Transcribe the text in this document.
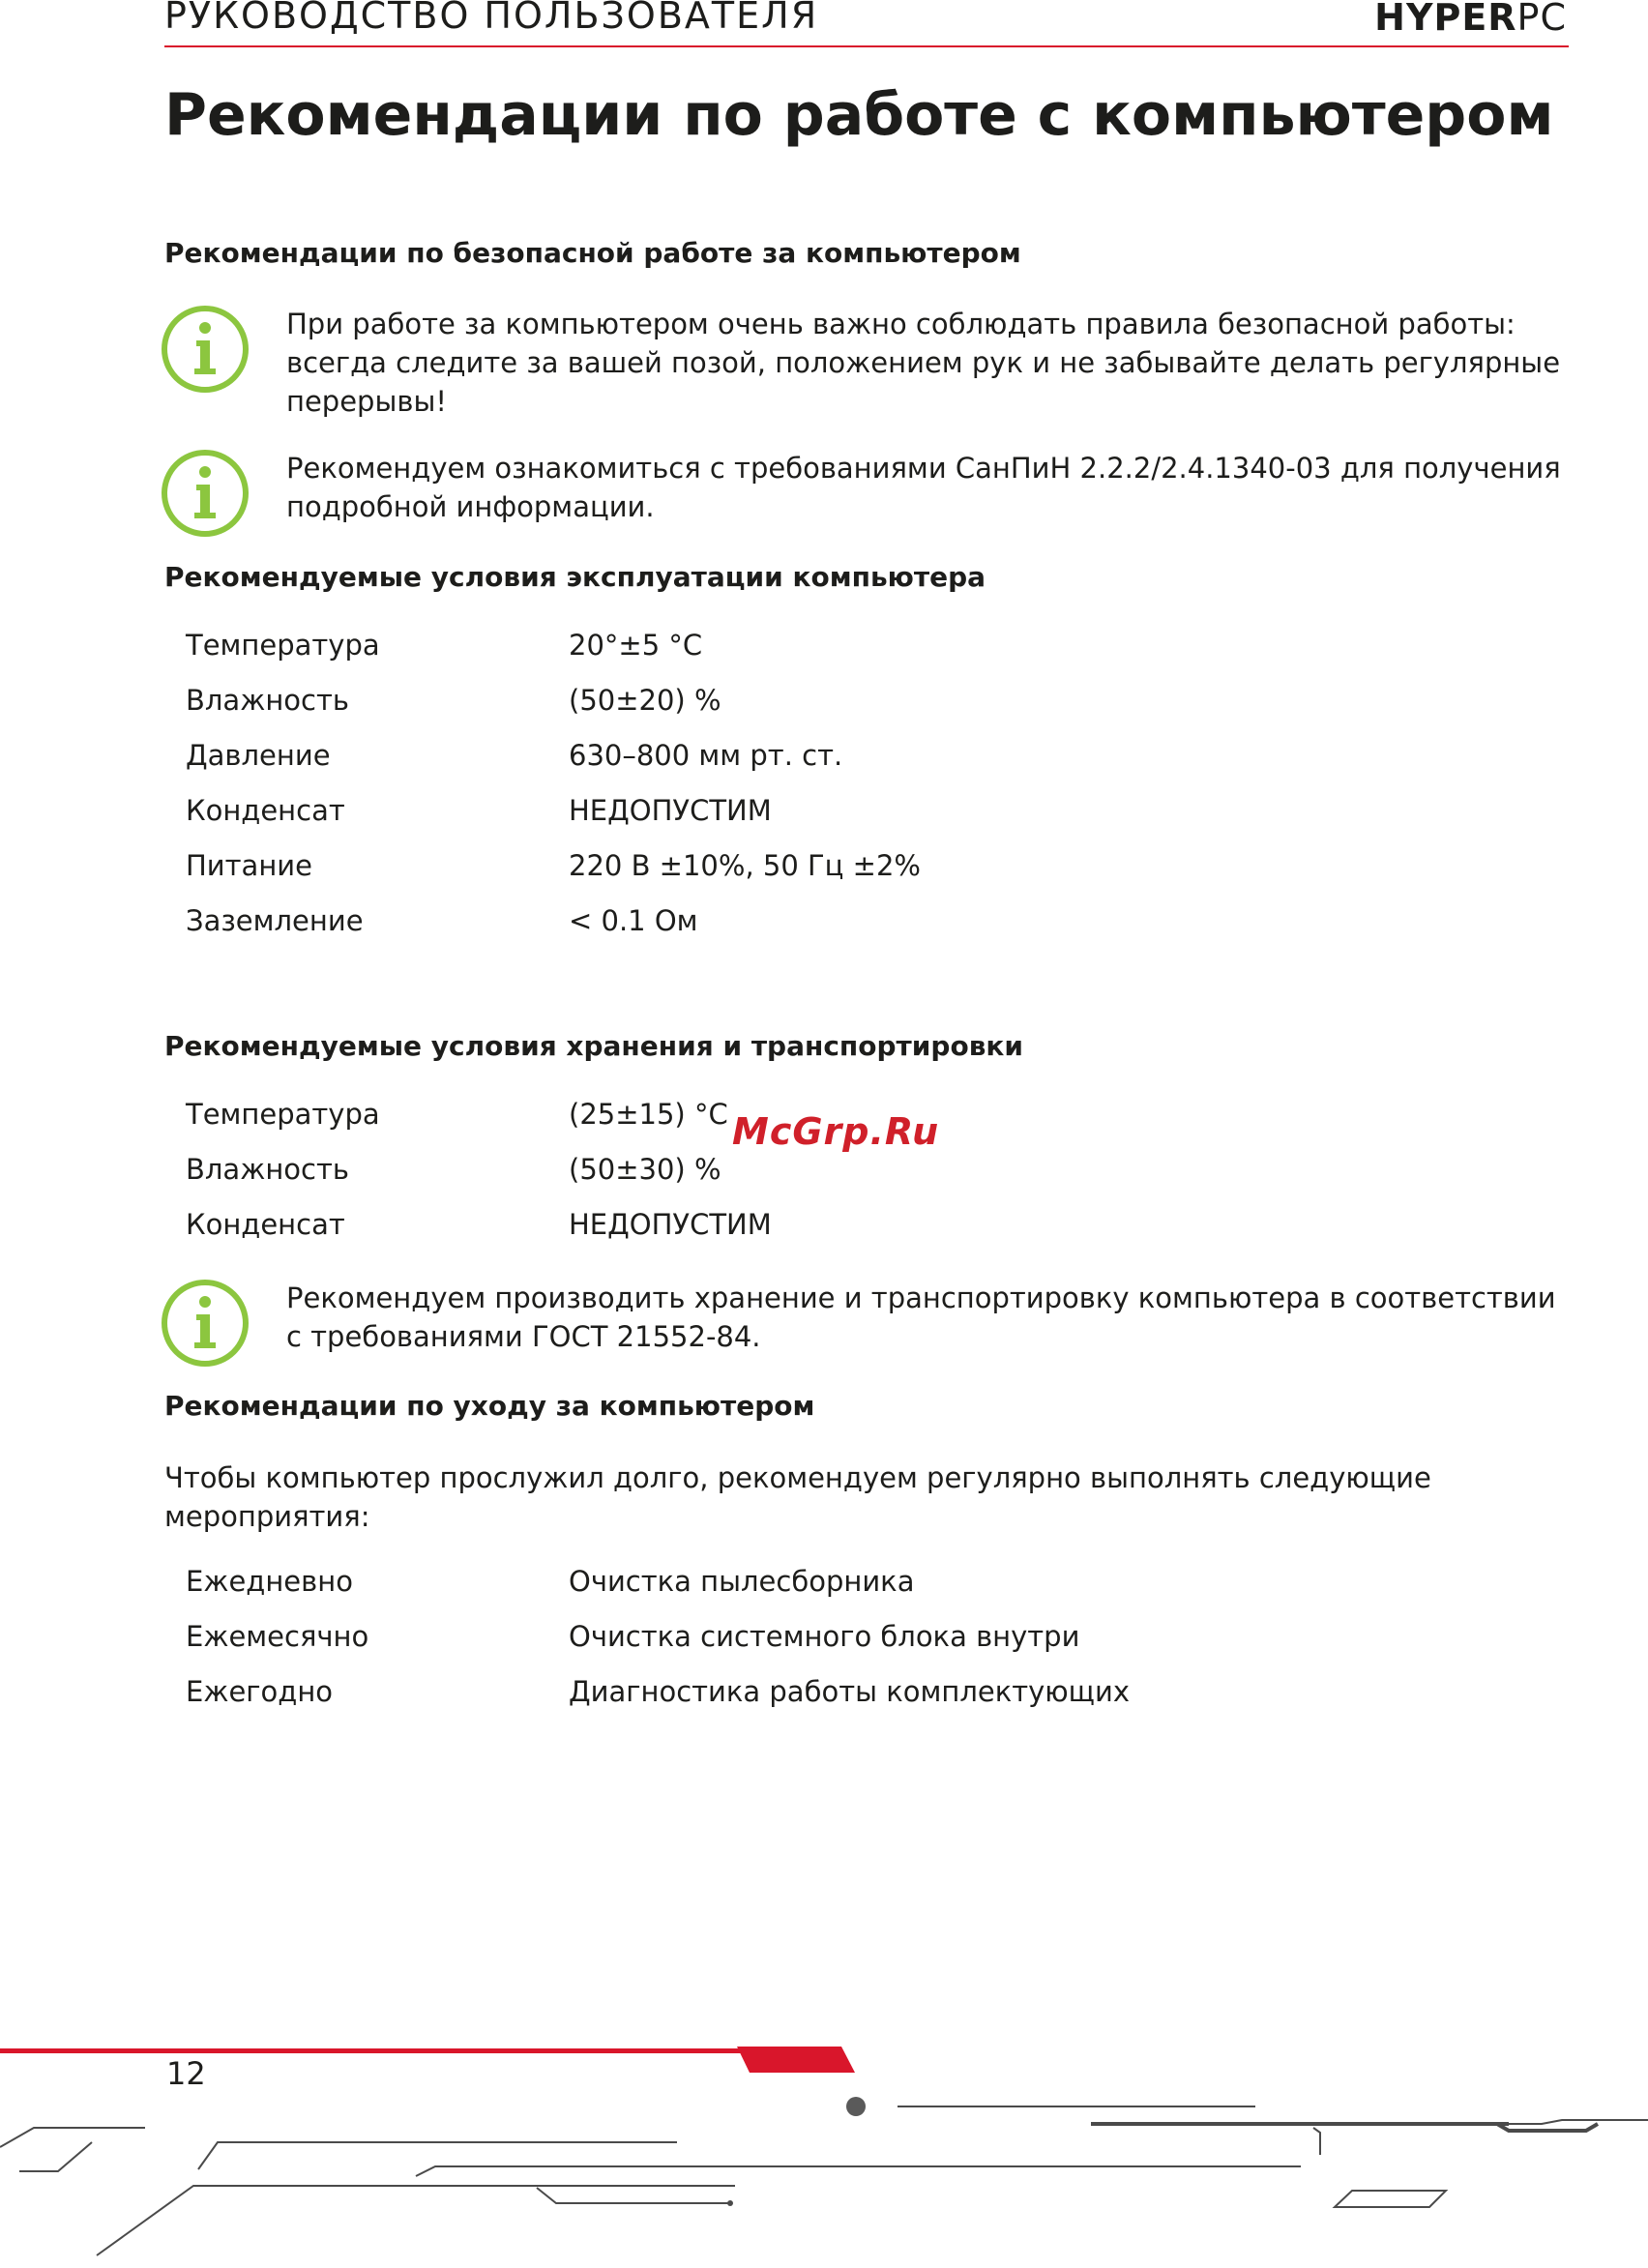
РУКОВОДСТВО ПОЛЬЗОВАТЕЛЯ	HYPERPC
Рекомендации по работе с компьютером
Рекомендации по безопасной работе за компьютером

При работе за компьютером очень важно соблюдать правила безопасной работы: всегда следите за вашей позой, положением рук и не забывайте делать регулярные перерывы!

Рекомендуем ознакомиться с требованиями СанПиН 2.2.2/2.4.1340-03 для получения подробной информации.

Рекомендуемые условия эксплуатации компьютера
Температура	20°±5 °С
Влажность	(50±20) %
Давление	630–800 мм рт. ст.
Конденсат	НЕДОПУСТИМ
Питание	220 В ±10%, 50 Гц ±2%
Заземление	< 0.1 Ом
Рекомендуемые условия хранения и транспортировки
Температура	(25±15) °С
Влажность	(50±30) %
Конденсат	НЕДОПУСТИМ
McGrp.Ru

Рекомендуем производить хранение и транспортировку компьютера в соответствии с требованиями ГОСТ 21552-84.

Рекомендации по уходу за компьютером

Чтобы компьютер прослужил долго, рекомендуем регулярно выполнять следующие мероприятия:

Ежедневно	Очистка пылесборника
Ежемесячно	Очистка системного блока внутри
Ежегодно	Диагностика работы комплектующих
12
